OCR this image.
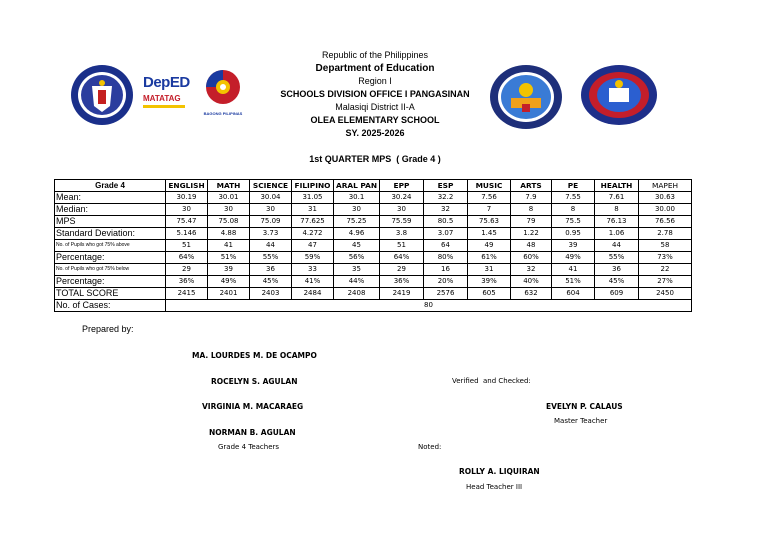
DepED
MATATAG
BAGONG PILIPINAS
Republic of the Philippines
Department of Education
Region I
SCHOOLS DIVISION OFFICE I PANGASINAN
Malasiqi District II-A
OLEA ELEMENTARY SCHOOL
SY. 2025-2026
1st QUARTER MPS  ( Grade 4 )
Grade 4	ENGLISH	MATH	SCIENCE	FILIPINO	ARAL PAN	EPP	ESP	MUSIC	ARTS	PE	HEALTH	MAPEH
Mean:	30.19	30.01	30.04	31.05	30.1	30.24	32.2	7.56	7.9	7.55	7.61	30.63
Median:	30	30	30	31	30	30	32	7	8	8	8	30.00
MPS	75.47	75.08	75.09	77.625	75.25	75.59	80.5	75.63	79	75.5	76.13	76.56
Standard Deviation:	5.146	4.88	3.73	4.272	4.96	3.8	3.07	1.45	1.22	0.95	1.06	2.78
No. of Pupils who got 75% above	51	41	44	47	45	51	64	49	48	39	44	58
Percentage:	64%	51%	55%	59%	56%	64%	80%	61%	60%	49%	55%	73%
No. of Pupils who got 75% below	29	39	36	33	35	29	16	31	32	41	36	22
Percentage:	36%	49%	45%	41%	44%	36%	20%	39%	40%	51%	45%	27%
TOTAL SCORE	2415	2401	2403	2484	2408	2419	2576	605	632	604	609	2450
No. of Cases:	80											
Prepared by:
MA. LOURDES M. DE OCAMPO
ROCELYN S. AGULAN
VIRGINIA M. MACARAEG
NORMAN B. AGULAN
Grade 4 Teachers
Verified  and Checked:
EVELYN P. CALAUS
Master Teacher
Noted:
ROLLY A. LIQUIRAN
Head Teacher III
